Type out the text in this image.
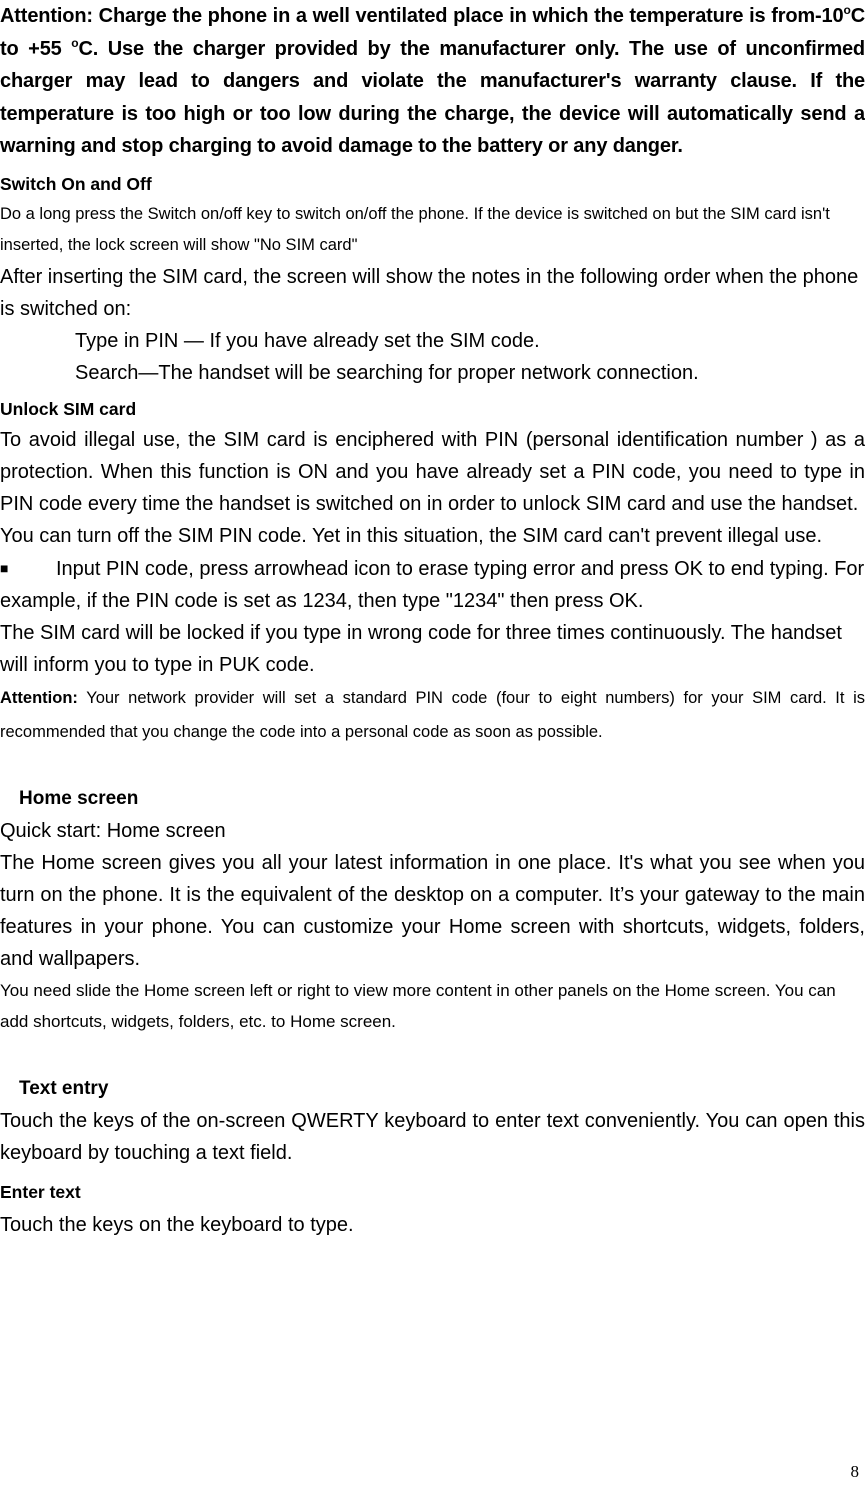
Attention: Charge the phone in a well ventilated place in which the temperature is from-10$^o$C to +55 $^o$C. Use the charger provided by the manufacturer only. The use of unconfirmed charger may lead to dangers and violate the manufacturer's warranty clause. If the temperature is too high or too low during the charge, the device will automatically send a warning and stop charging to avoid damage to the battery or any danger.

Switch On and Off

Do a long press the Switch on/off key to switch on/off the phone. If the device is switched on but the SIM card isn't inserted, the lock screen will show "No SIM card"

After inserting the SIM card, the screen will show the notes in the following order when the phone is switched on:

Type in PIN — If you have already set the SIM code.

Search—The handset will be searching for proper network connection.

Unlock SIM card

To avoid illegal use, the SIM card is enciphered with PIN (personal identification number ) as a protection. When this function is ON and you have already set a PIN code, you need to type in PIN code every time the handset is switched on in order to unlock SIM card and use the handset.

You can turn off the SIM PIN code. Yet in this situation, the SIM card can't prevent illegal use.

■ Input PIN code, press arrowhead icon to erase typing error and press OK to end typing. For example, if the PIN code is set as 1234, then type "1234" then press OK.

The SIM card will be locked if you type in wrong code for three times continuously. The handset will inform you to type in PUK code.

Attention: Your network provider will set a standard PIN code (four to eight numbers) for your SIM card. It is recommended that you change the code into a personal code as soon as possible.

Home screen

Quick start: Home screen

The Home screen gives you all your latest information in one place. It's what you see when you turn on the phone. It is the equivalent of the desktop on a computer. It’s your gateway to the main features in your phone. You can customize your Home screen with shortcuts, widgets, folders, and wallpapers.

You need slide the Home screen left or right to view more content in other panels on the Home screen. You can add shortcuts, widgets, folders, etc. to Home screen.

Text entry

Touch the keys of the on-screen QWERTY keyboard to enter text conveniently. You can open this keyboard by touching a text field.

Enter text

Touch the keys on the keyboard to type.

8
